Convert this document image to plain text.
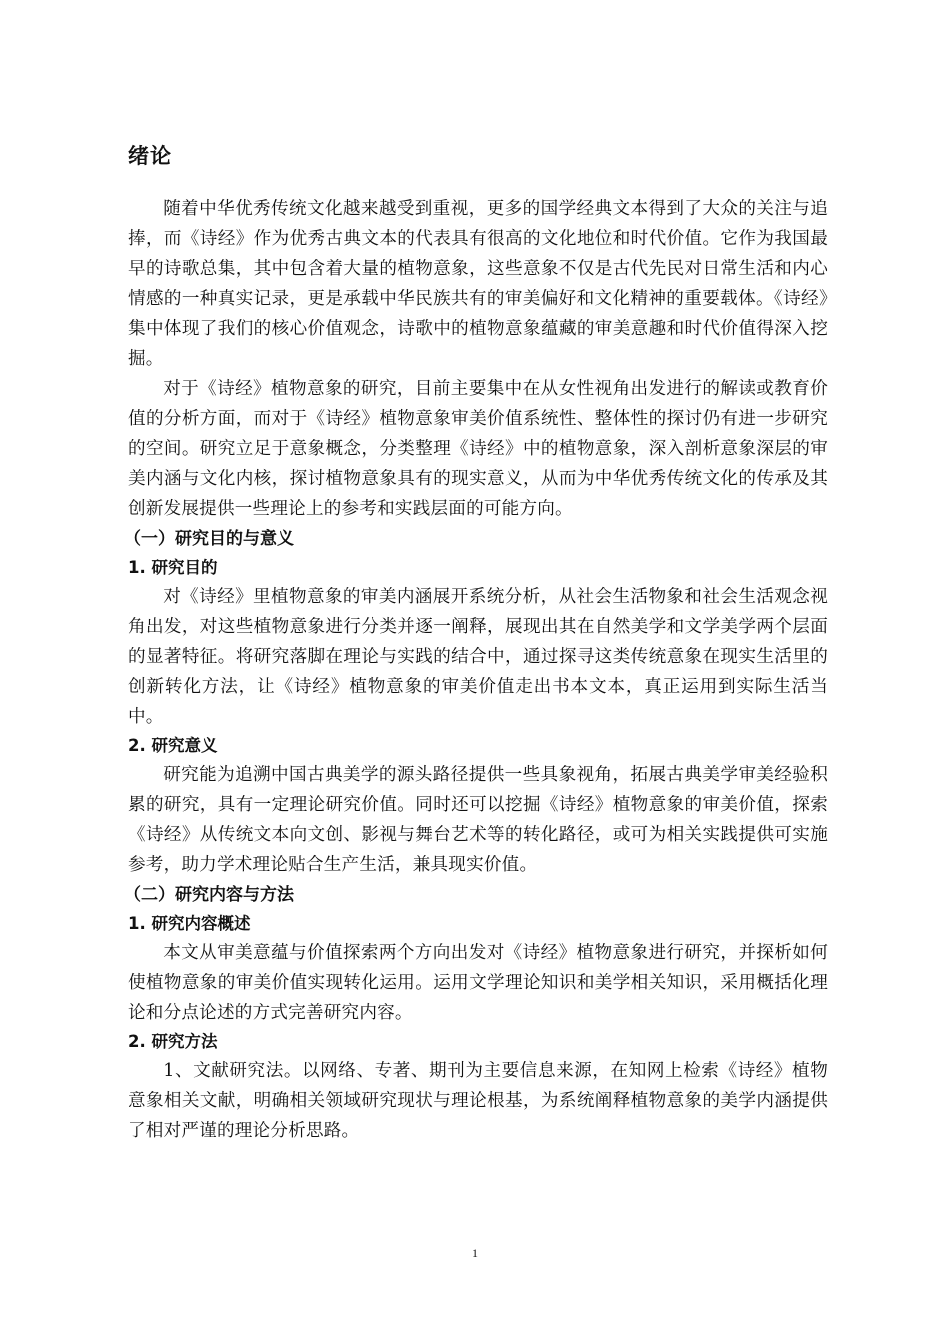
绪论

随着中华优秀传统文化越来越受到重视，更多的国学经典文本得到了大众的关注与追捧，而《诗经》作为优秀古典文本的代表具有很高的文化地位和时代价值。它作为我国最早的诗歌总集，其中包含着大量的植物意象，这些意象不仅是古代先民对日常生活和内心情感的一种真实记录，更是承载中华民族共有的审美偏好和文化精神的重要载体。《诗经》集中体现了我们的核心价值观念，诗歌中的植物意象蕴藏的审美意趣和时代价值得深入挖掘。

对于《诗经》植物意象的研究，目前主要集中在从女性视角出发进行的解读或教育价值的分析方面，而对于《诗经》植物意象审美价值系统性、整体性的探讨仍有进一步研究的空间。研究立足于意象概念，分类整理《诗经》中的植物意象，深入剖析意象深层的审美内涵与文化内核，探讨植物意象具有的现实意义，从而为中华优秀传统文化的传承及其创新发展提供一些理论上的参考和实践层面的可能方向。

（一）研究目的与意义
1. 研究目的

对《诗经》里植物意象的审美内涵展开系统分析，从社会生活物象和社会生活观念视角出发，对这些植物意象进行分类并逐一阐释，展现出其在自然美学和文学美学两个层面的显著特征。将研究落脚在理论与实践的结合中，通过探寻这类传统意象在现实生活里的创新转化方法，让《诗经》植物意象的审美价值走出书本文本，真正运用到实际生活当中。

2. 研究意义

研究能为追溯中国古典美学的源头路径提供一些具象视角，拓展古典美学审美经验积累的研究，具有一定理论研究价值。同时还可以挖掘《诗经》植物意象的审美价值，探索《诗经》从传统文本向文创、影视与舞台艺术等的转化路径，或可为相关实践提供可实施参考，助力学术理论贴合生产生活，兼具现实价值。

（二）研究内容与方法
1. 研究内容概述

本文从审美意蕴与价值探索两个方向出发对《诗经》植物意象进行研究，并探析如何使植物意象的审美价值实现转化运用。运用文学理论知识和美学相关知识，采用概括化理论和分点论述的方式完善研究内容。

2. 研究方法

1、文献研究法。以网络、专著、期刊为主要信息来源，在知网上检索《诗经》植物意象相关文献，明确相关领域研究现状与理论根基，为系统阐释植物意象的美学内涵提供了相对严谨的理论分析思路。

1
